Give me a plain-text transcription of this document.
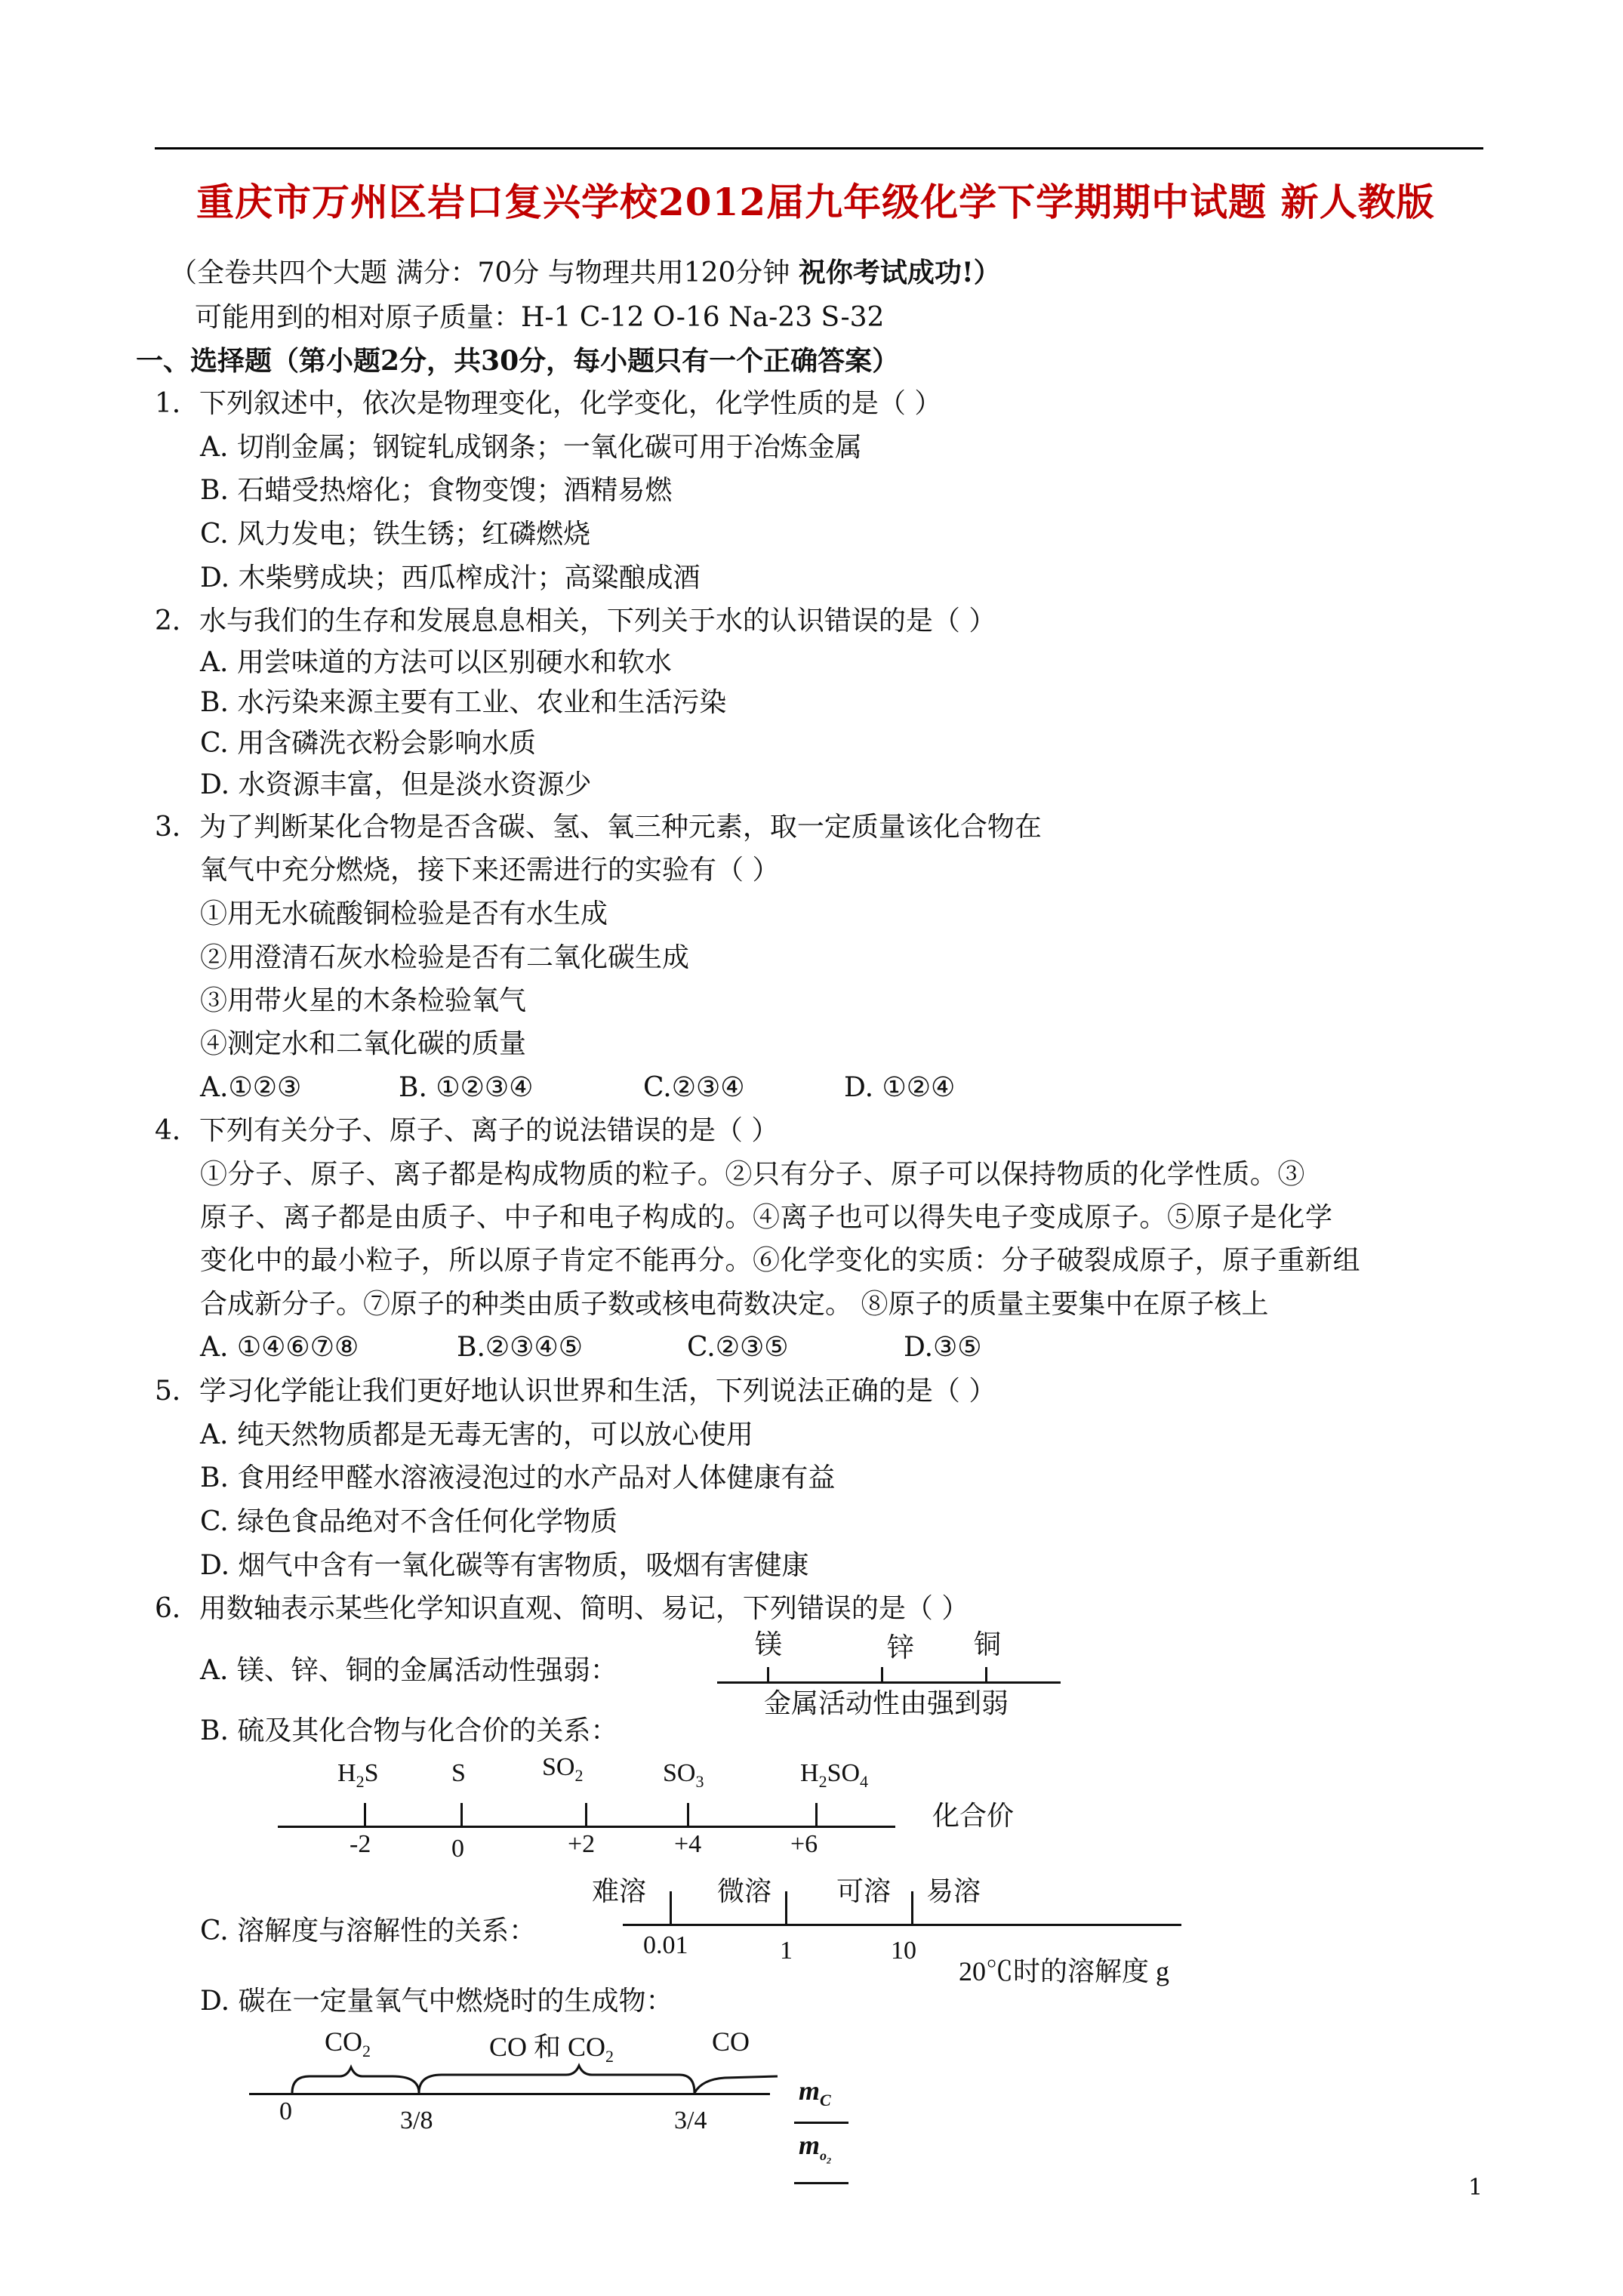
重庆市万州区岩口复兴学校2012届九年级化学下学期期中试题 新人教版
（全卷共四个大题 满分：70分 与物理共用120分钟 祝你考试成功!）
可能用到的相对原子质量：H-1 C-12 O-16 Na-23 S-32
一、选择题（第小题2分，共30分，每小题只有一个正确答案）
1．下列叙述中，依次是物理变化，化学变化，化学性质的是（ ）
A. 切削金属；钢锭轧成钢条；一氧化碳可用于冶炼金属
B. 石蜡受热熔化；食物变馊；酒精易燃
C. 风力发电；铁生锈；红磷燃烧
D. 木柴劈成块；西瓜榨成汁；高粱酿成酒
2．水与我们的生存和发展息息相关，下列关于水的认识错误的是（ ）
A. 用尝味道的方法可以区别硬水和软水
B. 水污染来源主要有工业、农业和生活污染
C. 用含磷洗衣粉会影响水质
D. 水资源丰富，但是淡水资源少
3．为了判断某化合物是否含碳、氢、氧三种元素，取一定质量该化合物在
氧气中充分燃烧，接下来还需进行的实验有（ ）
①用无水硫酸铜检验是否有水生成
②用澄清石灰水检验是否有二氧化碳生成
③用带火星的木条检验氧气
④测定水和二氧化碳的质量
A.①②③	B. ①②③④	C.②③④	D. ①②④
4．下列有关分子、原子、离子的说法错误的是（ ）
①分子、原子、离子都是构成物质的粒子。②只有分子、原子可以保持物质的化学性质。③
原子、离子都是由质子、中子和电子构成的。④离子也可以得失电子变成原子。⑤原子是化学
变化中的最小粒子，所以原子肯定不能再分。⑥化学变化的实质：分子破裂成原子，原子重新组
合成新分子。⑦原子的种类由质子数或核电荷数决定。 ⑧原子的质量主要集中在原子核上
A. ①④⑥⑦⑧	B.②③④⑤	C.②③⑤	D.③⑤
5．学习化学能让我们更好地认识世界和生活，下列说法正确的是（ ）
A. 纯天然物质都是无毒无害的，可以放心使用
B. 食用经甲醛水溶液浸泡过的水产品对人体健康有益
C. 绿色食品绝对不含任何化学物质
D. 烟气中含有一氧化碳等有害物质，吸烟有害健康
6．用数轴表示某些化学知识直观、简明、易记，下列错误的是（ ）
A. 镁、锌、铜的金属活动性强弱：
镁	锌 铜
金属活动性由强到弱
B. 硫及其化合物与化合价的关系：
$H_2S$	S	$SO_2$	$SO_3$	$H_2SO_4$
-2	0	+2	+4	+6
化合价
C. 溶解度与溶解性的关系：
难溶	微溶 可溶 易溶
0.01	1	10
20℃时的溶解度 g
D. 碳在一定量氧气中燃烧时的生成物：
$CO_2$	CO 和 $CO_2$	CO
0	3/8	3/4
$m_C$
$m_{o_2}$
1
